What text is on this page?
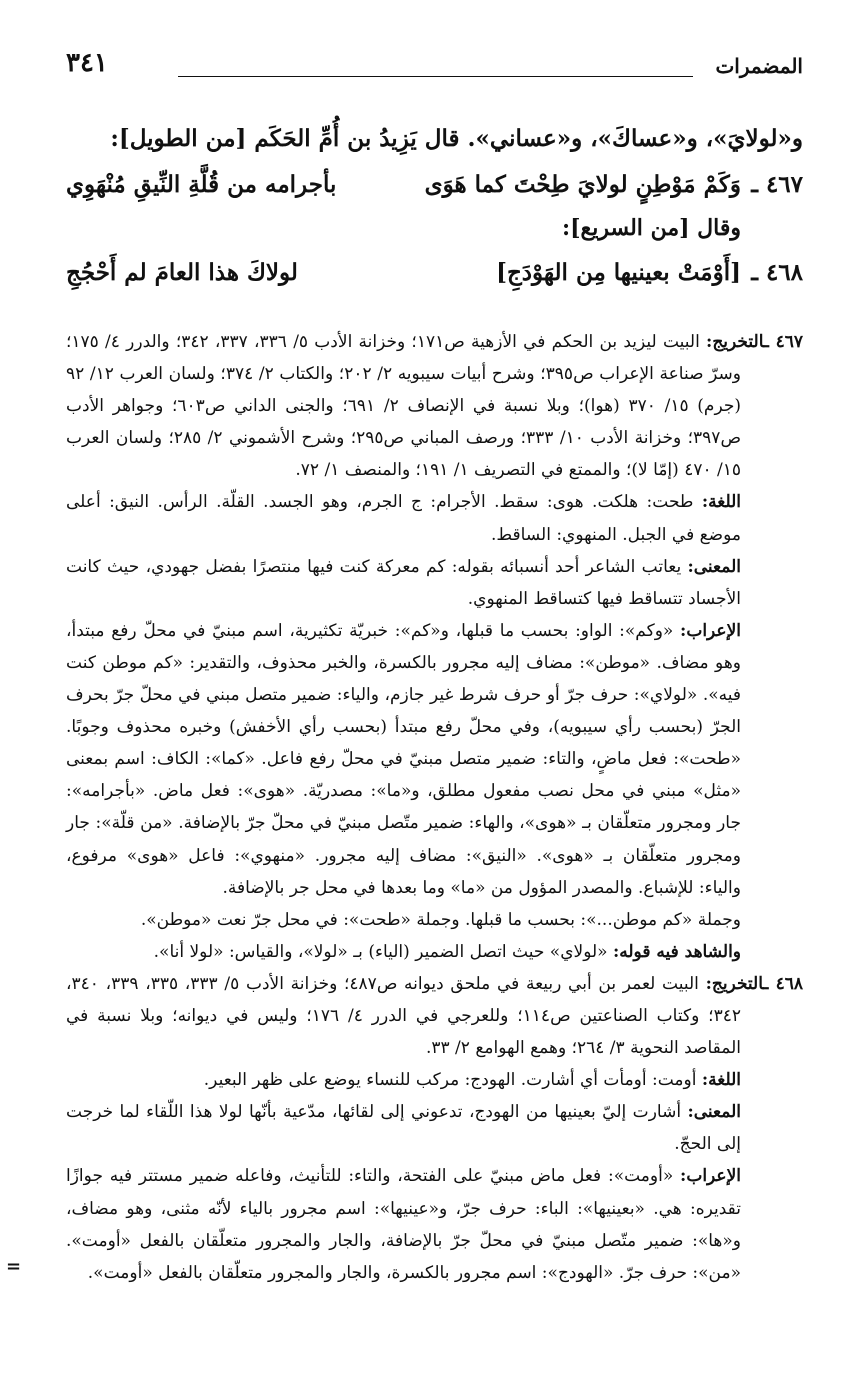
المضمرات
٣٤١
و«لولايَ»، و«عساكَ»، و«عساني». قال يَزِيدُ بن أُمِّ الحَكَم [من الطويل]:
٤٦٧ ـ
وَكَمْ مَوْطِنٍ لولايَ طِحْتَ كما هَوَى
بأجرامه من قُلَّةِ النِّيقِ مُنْهَوِي
وقال [من السريع]:
٤٦٨ ـ
[أَوْمَتْ بعينيها مِن الهَوْدَجِ]
لولاكَ هذا العامَ لم أَحْجُجِ
٤٦٧ ـالتخريج: البيت ليزيد بن الحكم في الأزهية ص١٧١؛ وخزانة الأدب ٥/ ٣٣٦، ٣٣٧، ٣٤٢؛ والدرر ٤/ ١٧٥؛ وسرّ صناعة الإعراب ص٣٩٥؛ وشرح أبيات سيبويه ٢/ ٢٠٢؛ والكتاب ٢/ ٣٧٤؛ ولسان العرب ١٢/ ٩٢ (جرم) ١٥/ ٣٧٠ (هوا)؛ وبلا نسبة في الإنصاف ٢/ ٦٩١؛ والجنى الداني ص٦٠٣؛ وجواهر الأدب ص٣٩٧؛ وخزانة الأدب ١٠/ ٣٣٣؛ ورصف المباني ص٢٩٥؛ وشرح الأشموني ٢/ ٢٨٥؛ ولسان العرب ١٥/ ٤٧٠ (إمّا لا)؛ والممتع في التصريف ١/ ١٩١؛ والمنصف ١/ ٧٢.
اللغة: طحت: هلكت. هوى: سقط. الأجرام: ج الجرم، وهو الجسد. القلّة. الرأس. النيق: أعلى موضع في الجبل. المنهوي: الساقط.
المعنى: يعاتب الشاعر أحد أنسبائه بقوله: كم معركة كنت فيها منتصرًا بفضل جهودي، حيث كانت الأجساد تتساقط فيها كتساقط المنهوي.
الإعراب: «وكم»: الواو: بحسب ما قبلها، و«كم»: خبريّة تكثيرية، اسم مبنيّ في محلّ رفع مبتدأ، وهو مضاف. «موطن»: مضاف إليه مجرور بالكسرة، والخبر محذوف، والتقدير: «كم موطن كنت فيه». «لولاي»: حرف جرّ أو حرف شرط غير جازم، والياء: ضمير متصل مبني في محلّ جرّ بحرف الجرّ (بحسب رأي سيبويه)، وفي محلّ رفع مبتدأ (بحسب رأي الأخفش) وخبره محذوف وجوبًا. «طحت»: فعل ماضٍ، والتاء: ضمير متصل مبنيّ في محلّ رفع فاعل. «كما»: الكاف: اسم بمعنى «مثل» مبني في محل نصب مفعول مطلق، و«ما»: مصدريّة. «هوى»: فعل ماض. «بأجرامه»: جار ومجرور متعلّقان بـ «هوى»، والهاء: ضمير متّصل مبنيّ في محلّ جرّ بالإضافة. «من قلّة»: جار ومجرور متعلّقان بـ «هوى». «النيق»: مضاف إليه مجرور. «منهوي»: فاعل «هوى» مرفوع، والياء: للإشباع. والمصدر المؤول من «ما» وما بعدها في محل جر بالإضافة.
وجملة «كم موطن...»: بحسب ما قبلها. وجملة «طحت»: في محل جرّ نعت «موطن».
والشاهد فيه قوله: «لولاي» حيث اتصل الضمير (الياء) بـ «لولا»، والقياس: «لولا أنا».
٤٦٨ ـالتخريج: البيت لعمر بن أبي ربيعة في ملحق ديوانه ص٤٨٧؛ وخزانة الأدب ٥/ ٣٣٣، ٣٣٥، ٣٣٩، ٣٤٠، ٣٤٢؛ وكتاب الصناعتين ص١١٤؛ وللعرجي في الدرر ٤/ ١٧٦؛ وليس في ديوانه؛ وبلا نسبة في المقاصد النحوية ٣/ ٢٦٤؛ وهمع الهوامع ٢/ ٣٣.
اللغة: أومت: أومأت أي أشارت. الهودج: مركب للنساء يوضع على ظهر البعير.
المعنى: أشارت إليّ بعينيها من الهودج، تدعوني إلى لقائها، مدّعية بأنّها لولا هذا اللّقاء لما خرجت إلى الحجّ.
الإعراب: «أومت»: فعل ماض مبنيّ على الفتحة، والتاء: للتأنيث، وفاعله ضمير مستتر فيه جوازًا تقديره: هي. «بعينيها»: الباء: حرف جرّ، و«عينيها»: اسم مجرور بالياء لأنّه مثنى، وهو مضاف، و«ها»: ضمير متّصل مبنيّ في محلّ جرّ بالإضافة، والجار والمجرور متعلّقان بالفعل «أومت». «من»: حرف جرّ. «الهودج»: اسم مجرور بالكسرة، والجار والمجرور متعلّقان بالفعل «أومت».
=
